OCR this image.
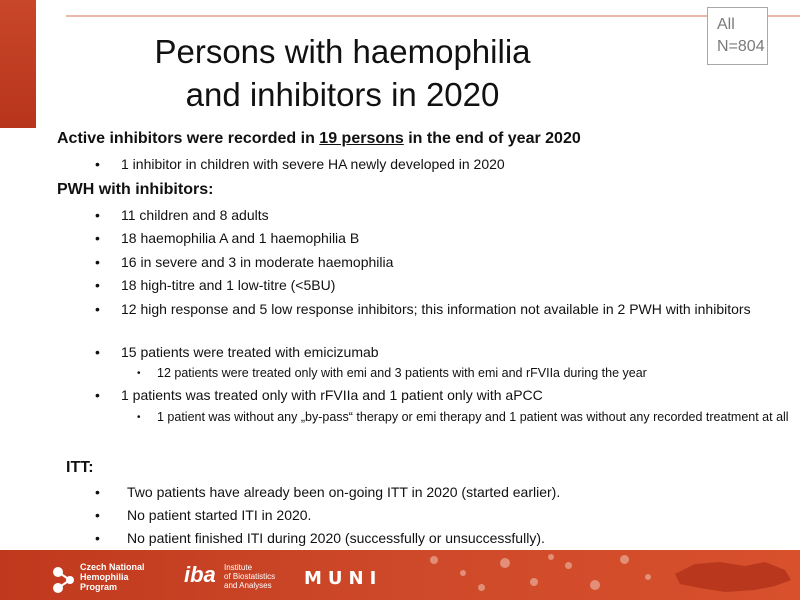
All
N=804
Persons with haemophilia
and inhibitors in 2020
Active inhibitors were recorded in 19 persons in the end of year 2020
• 1 inhibitor in children with severe HA newly developed in 2020
PWH with inhibitors:
• 11 children and 8 adults
• 18 haemophilia A and 1 haemophilia B
• 16 in severe and 3 in moderate haemophilia
• 18 high-titre and 1 low-titre (<5BU)
• 12 high response and 5 low response inhibitors; this information not available in 2 PWH with inhibitors
• 15 patients were treated with emicizumab
• 12 patients were treated only with emi and 3 patients with emi and rFVIIa during the year
• 1 patients was treated only with rFVIIa and 1 patient only with aPCC
• 1 patient was without any „by-pass“ therapy or emi therapy and 1 patient was without any recorded treatment at all
ITT:
• Two patients have already been on-going ITT in 2020 (started earlier).
• No patient started ITI in 2020.
• No patient finished ITI during 2020 (successfully or unsuccessfully).
Czech National
Hemophilia
Program	iba Institute
of Biostatistics
and Analyses MUNI
